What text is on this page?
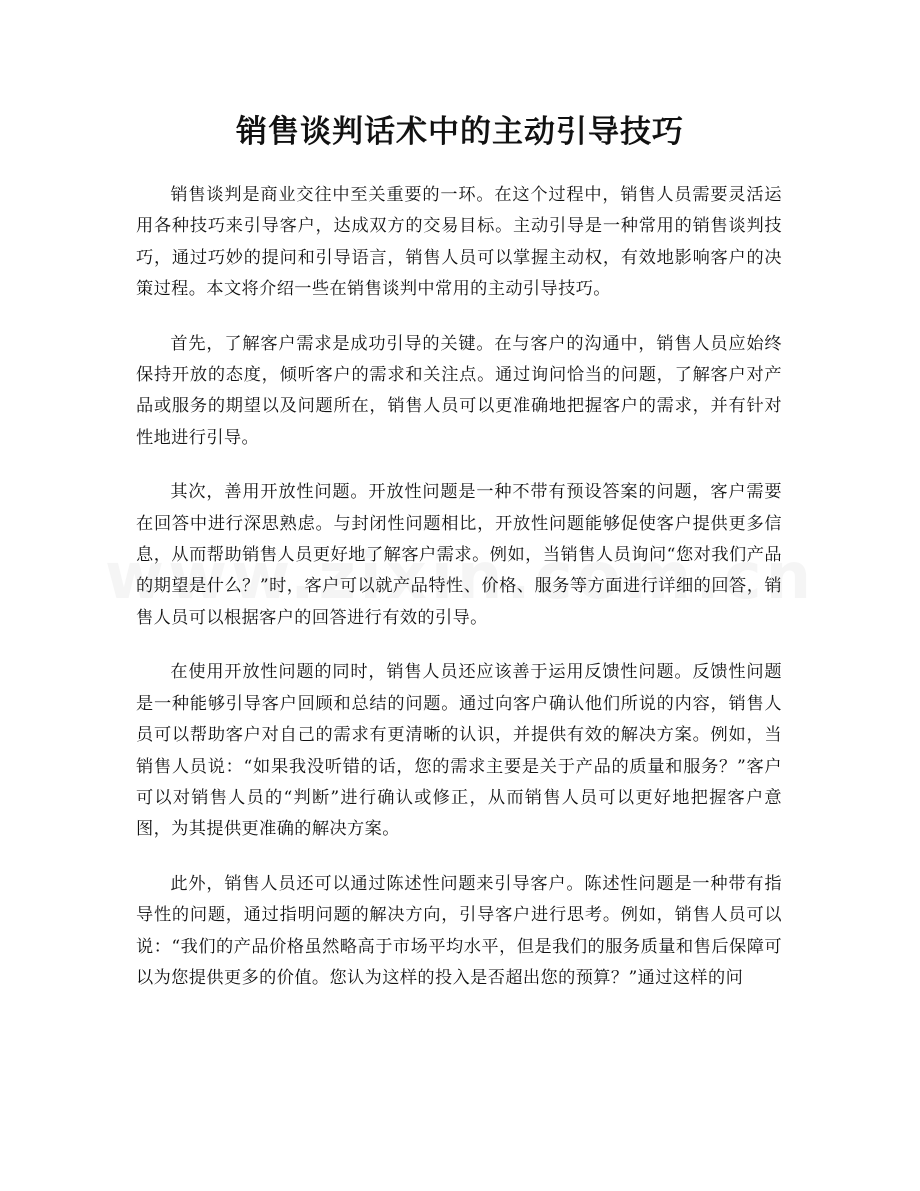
销售谈判话术中的主动引导技巧

销售谈判是商业交往中至关重要的一环。在这个过程中，销售人员需要灵活运用各种技巧来引导客户，达成双方的交易目标。主动引导是一种常用的销售谈判技巧，通过巧妙的提问和引导语言，销售人员可以掌握主动权，有效地影响客户的决策过程。本文将介绍一些在销售谈判中常用的主动引导技巧。

首先，了解客户需求是成功引导的关键。在与客户的沟通中，销售人员应始终保持开放的态度，倾听客户的需求和关注点。通过询问恰当的问题，了解客户对产品或服务的期望以及问题所在，销售人员可以更准确地把握客户的需求，并有针对性地进行引导。

其次，善用开放性问题。开放性问题是一种不带有预设答案的问题，客户需要在回答中进行深思熟虑。与封闭性问题相比，开放性问题能够促使客户提供更多信息，从而帮助销售人员更好地了解客户需求。例如，当销售人员询问“您对我们产品的期望是什么？”时，客户可以就产品特性、价格、服务等方面进行详细的回答，销售人员可以根据客户的回答进行有效的引导。

在使用开放性问题的同时，销售人员还应该善于运用反馈性问题。反馈性问题是一种能够引导客户回顾和总结的问题。通过向客户确认他们所说的内容，销售人员可以帮助客户对自己的需求有更清晰的认识，并提供有效的解决方案。例如，当销售人员说：“如果我没听错的话，您的需求主要是关于产品的质量和服务？”客户可以对销售人员的“判断”进行确认或修正，从而销售人员可以更好地把握客户意图，为其提供更准确的解决方案。

此外，销售人员还可以通过陈述性问题来引导客户。陈述性问题是一种带有指导性的问题，通过指明问题的解决方向，引导客户进行思考。例如，销售人员可以说：“我们的产品价格虽然略高于市场平均水平，但是我们的服务质量和售后保障可以为您提供更多的价值。您认为这样的投入是否超出您的预算？”通过这样的问
